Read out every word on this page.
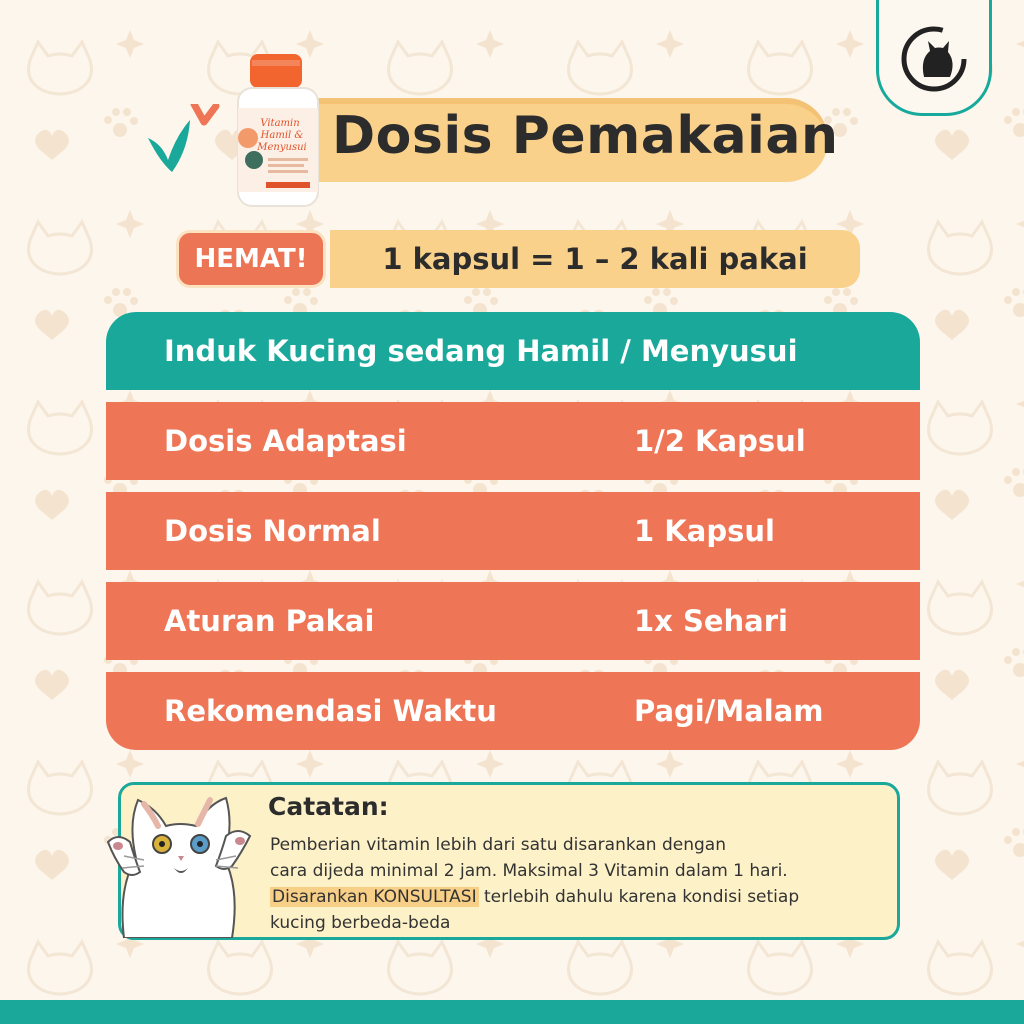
Vitamin
Hamil &
Menyusui Dosis Pemakaian
HEMAT!	1 kapsul = 1 – 2 kali pakai
Induk Kucing sedang Hamil / Menyusui
Dosis Adaptasi	1/2 Kapsul
Dosis Normal	1 Kapsul
Aturan Pakai	1x Sehari
Rekomendasi Waktu	Pagi/Malam
Catatan:
Pemberian vitamin lebih dari satu disarankan dengan
cara dijeda minimal 2 jam. Maksimal 3 Vitamin dalam 1 hari.
Disarankan KONSULTASI terlebih dahulu karena kondisi setiap
kucing berbeda-beda
